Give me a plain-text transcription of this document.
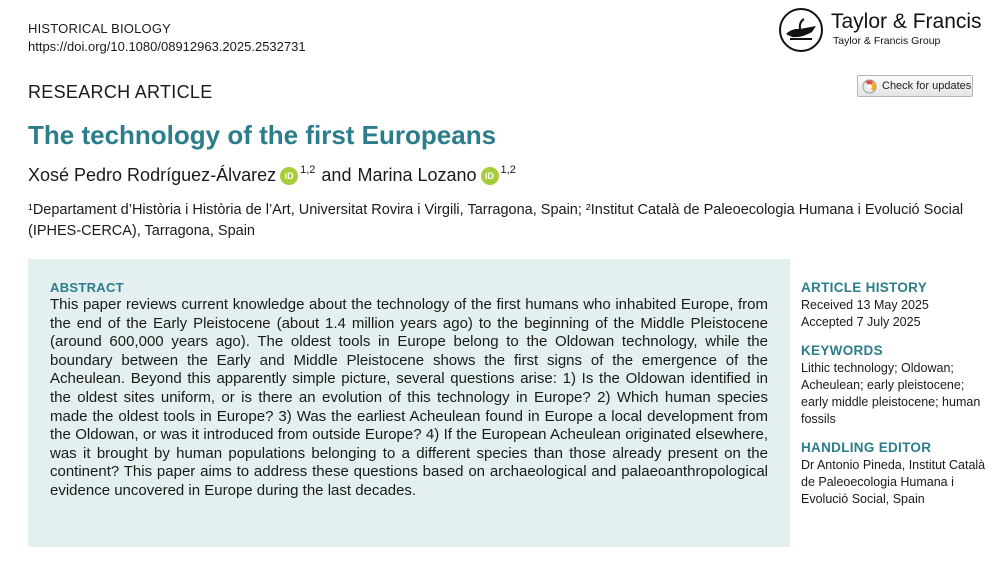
HISTORICAL BIOLOGY
https://doi.org/10.1080/08912963.2025.2532731
Taylor & Francis
Taylor & Francis Group
Check for updates
RESEARCH ARTICLE
The technology of the first Europeans
Xosé Pedro Rodríguez-Álvarez iD $^{1,2}$ and Marina Lozano iD $^{1,2}$
¹Departament d’Història i Història de l’Art, Universitat Rovira i Virgili, Tarragona, Spain; ²Institut Català de Paleoecologia Humana i Evolució Social (IPHES-CERCA), Tarragona, Spain
ABSTRACT
This paper reviews current knowledge about the technology of the first humans who inhabited Europe, from the end of the Early Pleistocene (about 1.4 million years ago) to the beginning of the Middle Pleistocene (around 600,000 years ago). The oldest tools in Europe belong to the Oldowan technology, while the boundary between the Early and Middle Pleistocene shows the first signs of the emergence of the Acheulean. Beyond this apparently simple picture, several questions arise: 1) Is the Oldowan identified in the oldest sites uniform, or is there an evolution of this technology in Europe? 2) Which human species made the oldest tools in Europe? 3) Was the earliest Acheulean found in Europe a local development from the Oldowan, or was it introduced from outside Europe? 4) If the European Acheulean originated elsewhere, was it brought by human populations belonging to a different species than those already present on the continent? This paper aims to address these questions based on archaeological and palaeoanthropological evidence uncovered in Europe during the last decades.
ARTICLE HISTORY
Received 13 May 2025
Accepted 7 July 2025
KEYWORDS
Lithic technology; Oldowan; Acheulean; early pleistocene; early middle pleistocene; human fossils
HANDLING EDITOR
Dr Antonio Pineda, Institut Català de Paleoecologia Humana i Evolució Social, Spain
